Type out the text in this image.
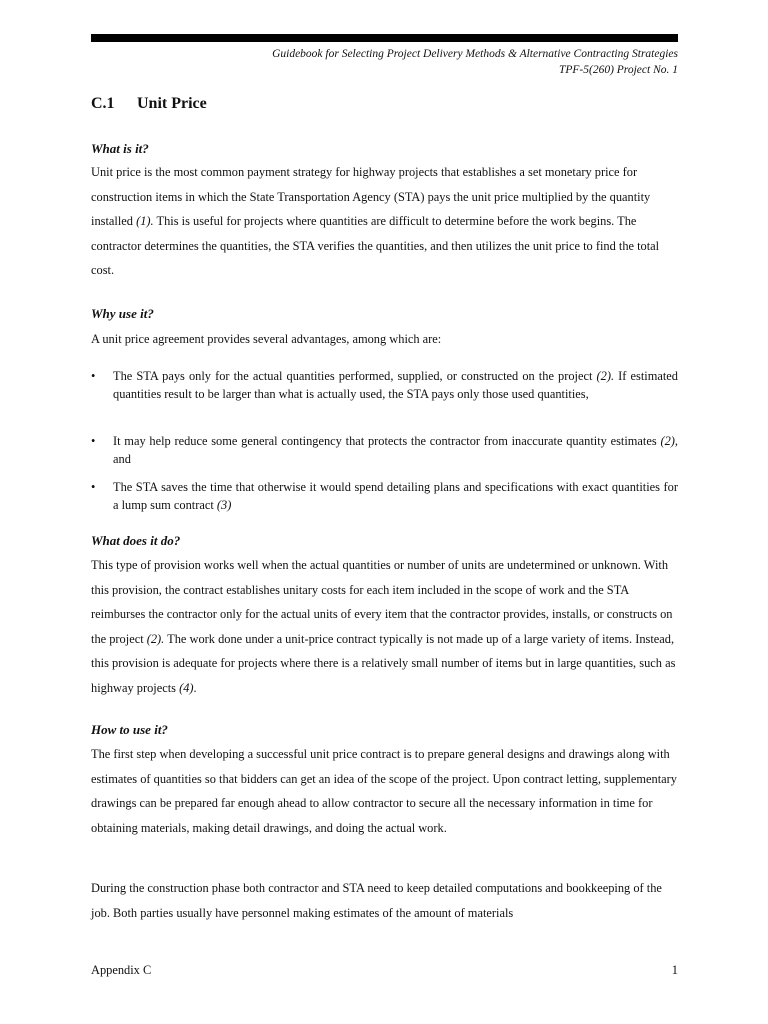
Guidebook for Selecting Project Delivery Methods & Alternative Contracting Strategies
TPF-5(260) Project No. 1
C.1 Unit Price
What is it?
Unit price is the most common payment strategy for highway projects that establishes a set monetary price for construction items in which the State Transportation Agency (STA) pays the unit price multiplied by the quantity installed (1). This is useful for projects where quantities are difficult to determine before the work begins. The contractor determines the quantities, the STA verifies the quantities, and then utilizes the unit price to find the total cost.
Why use it?
A unit price agreement provides several advantages, among which are:
• The STA pays only for the actual quantities performed, supplied, or constructed on the project (2). If estimated quantities result to be larger than what is actually used, the STA pays only those used quantities,
• It may help reduce some general contingency that protects the contractor from inaccurate quantity estimates (2), and
• The STA saves the time that otherwise it would spend detailing plans and specifications with exact quantities for a lump sum contract (3)
What does it do?
This type of provision works well when the actual quantities or number of units are undetermined or unknown. With this provision, the contract establishes unitary costs for each item included in the scope of work and the STA reimburses the contractor only for the actual units of every item that the contractor provides, installs, or constructs on the project (2). The work done under a unit-price contract typically is not made up of a large variety of items. Instead, this provision is adequate for projects where there is a relatively small number of items but in large quantities, such as highway projects (4).
How to use it?
The first step when developing a successful unit price contract is to prepare general designs and drawings along with estimates of quantities so that bidders can get an idea of the scope of the project. Upon contract letting, supplementary drawings can be prepared far enough ahead to allow contractor to secure all the necessary information in time for obtaining materials, making detail drawings, and doing the actual work.
During the construction phase both contractor and STA need to keep detailed computations and bookkeeping of the job. Both parties usually have personnel making estimates of the amount of materials
Appendix C	1
